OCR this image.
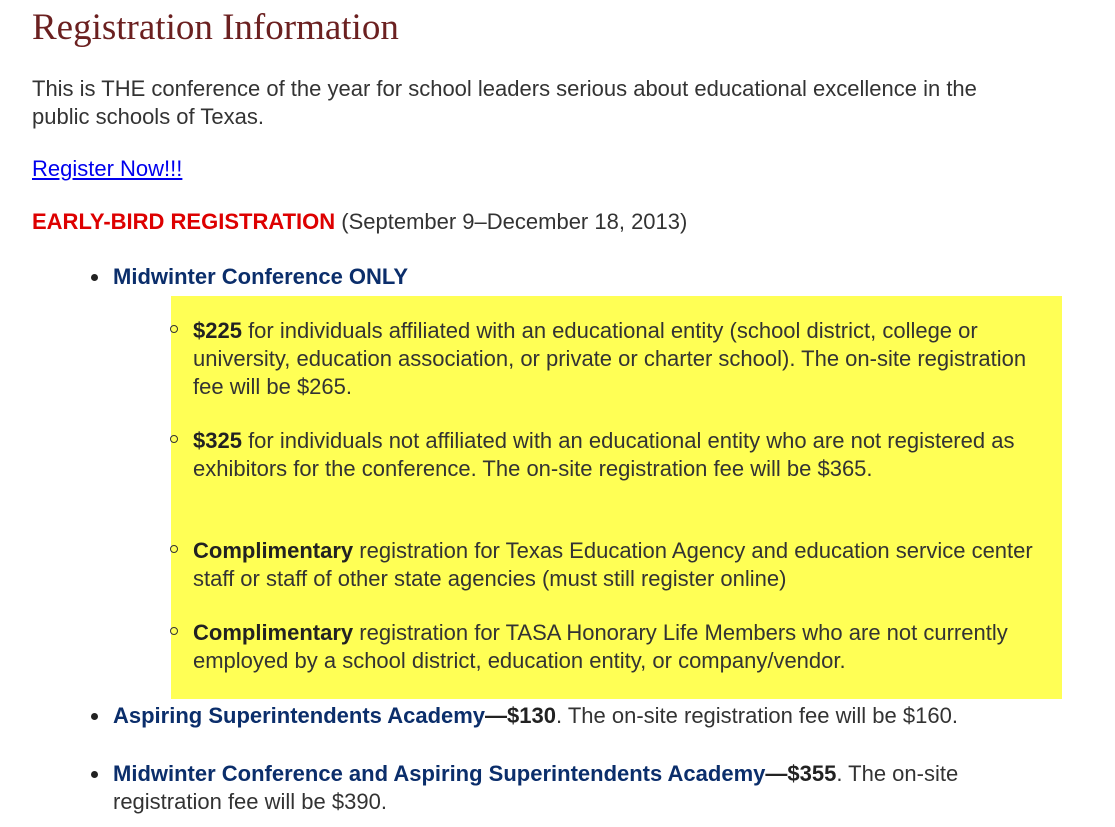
Registration Information

This is THE conference of the year for school leaders serious about educational excellence in the public schools of Texas.

Register Now!!!

EARLY-BIRD REGISTRATION (September 9–December 18, 2013)

Midwinter Conference ONLY
$225 for individuals affiliated with an educational entity (school district, college or university, education association, or private or charter school). The on-site registration fee will be $265.
$325 for individuals not affiliated with an educational entity who are not registered as exhibitors for the conference. The on-site registration fee will be $365.
Complimentary registration for Texas Education Agency and education service center staff or staff of other state agencies (must still register online)
Complimentary registration for TASA Honorary Life Members who are not currently employed by a school district, education entity, or company/vendor.
Aspiring Superintendents Academy—$130. The on-site registration fee will be $160.
Midwinter Conference and Aspiring Superintendents Academy—$355. The on-site registration fee will be $390.
